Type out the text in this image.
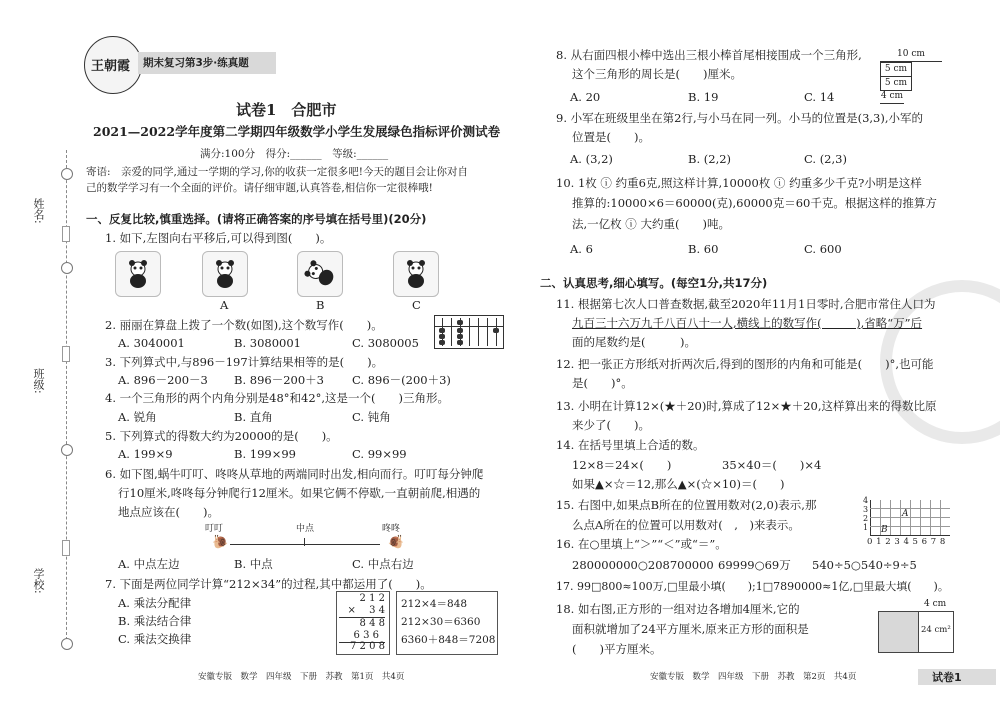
姓名:
班级:
学校:
王朝霞 期末复习第3步·练真题
试卷1　合肥市
2021—2022学年度第二学期四年级数学小学生发展绿色指标评价测试卷
满分:100分　得分:______　等级:______
寄语:　亲爱的同学,通过一学期的学习,你的收获一定很多吧!今天的题目会让你对自
己的数学学习有一个全面的评价。请仔细审题,认真答卷,相信你一定很棒哦!
一、反复比较,慎重选择。(请将正确答案的序号填在括号里)(20分)
1. 如下,左图向右平移后,可以得到图(　　)。
A	B	C
2. 丽丽在算盘上拨了一个数(如图),这个数写作(　　)。
A. 3040001	B. 3080001	C. 3080005
3. 下列算式中,与896－197计算结果相等的是(　　)。
A. 896－200－3 B. 896－200＋3 C. 896－(200＋3)
4. 一个三角形的两个内角分别是48°和42°,这是一个(　　)三角形。
A. 锐角	B. 直角	C. 钝角
5. 下列算式的得数大约为20000的是(　　)。
A. 199×9	B. 199×99	C. 99×99
6. 如下图,蜗牛叮叮、咚咚从草地的两端同时出发,相向而行。叮叮每分钟爬
行10厘米,咚咚每分钟爬行12厘米。如果它俩不停歇,一直朝前爬,相遇的
地点应该在(　　)。
叮叮	中点	咚咚
🐌	🐌
A. 中点左边	B. 中点	C. 中点右边
7. 下面是两位同学计算“212×34”的过程,其中都运用了(　　)。
A. 乘法分配律
B. 乘法结合律
C. 乘法交换律
2 1 2
× 　3 4
8 4 8
6 3 6
7 2 0 8
212×4＝848
212×30＝6360
6360＋848＝7208
安徽专版　数学　四年级　下册　苏教　第1页　共4页
8. 从右面四根小棒中选出三根小棒首尾相接围成一个三角形,
这个三角形的周长是(　　)厘米。
A. 20	B. 19	C. 14
10 cm
5 cm
5 cm
4 cm
9. 小军在班级里坐在第2行,与小马在同一列。小马的位置是(3,3),小军的
位置是(　　)。
A. (3,2)	B. (2,2)	C. (2,3)
10. 1枚 ⓘ 约重6克,照这样计算,10000枚 ⓘ 约重多少千克?小明是这样
推算的:10000×6＝60000(克),60000克＝60千克。根据这样的推算方
法,一亿枚 ⓘ 大约重(　　)吨。
A. 6	B. 60	C. 600
二、认真思考,细心填写。(每空1分,共17分)
11. 根据第七次人口普查数据,截至2020年11月1日零时,合肥市常住人口为
九百三十六万九千八百八十一人,横线上的数写作(　　　),省略“万”后
面的尾数约是(　　　)。
12. 把一张正方形纸对折两次后,得到的图形的内角和可能是(　　)°,也可能
是(　　)°。
13. 小明在计算12×(★＋20)时,算成了12×★＋20,这样算出来的得数比原
来少了(　　)。
14. 在括号里填上合适的数。
12×8＝24×(　　)	35×40＝(　　)×4
如果▲×☆＝12,那么▲×(☆×10)＝(　　)
15. 右图中,如果点B所在的位置用数对(2,0)表示,那
么点A所在的位置可以用数对(　,　)来表示。
A
B
4
3
2
1
0 1 2 3 4 5 6 7 8
16. 在○里填上“＞”“＜”或“＝”。
280000000○208700000 69999○69万 540÷5○540÷9÷5
17. 99□800≈100万,□里最小填(　　);1□7890000≈1亿,□里最大填(　　)。
18. 如右图,正方形的一组对边各增加4厘米,它的
面积就增加了24平方厘米,原来正方形的面积是
(　　)平方厘米。
4 cm
24 cm²
安徽专版　数学　四年级　下册　苏教　第2页　共4页	试卷1
